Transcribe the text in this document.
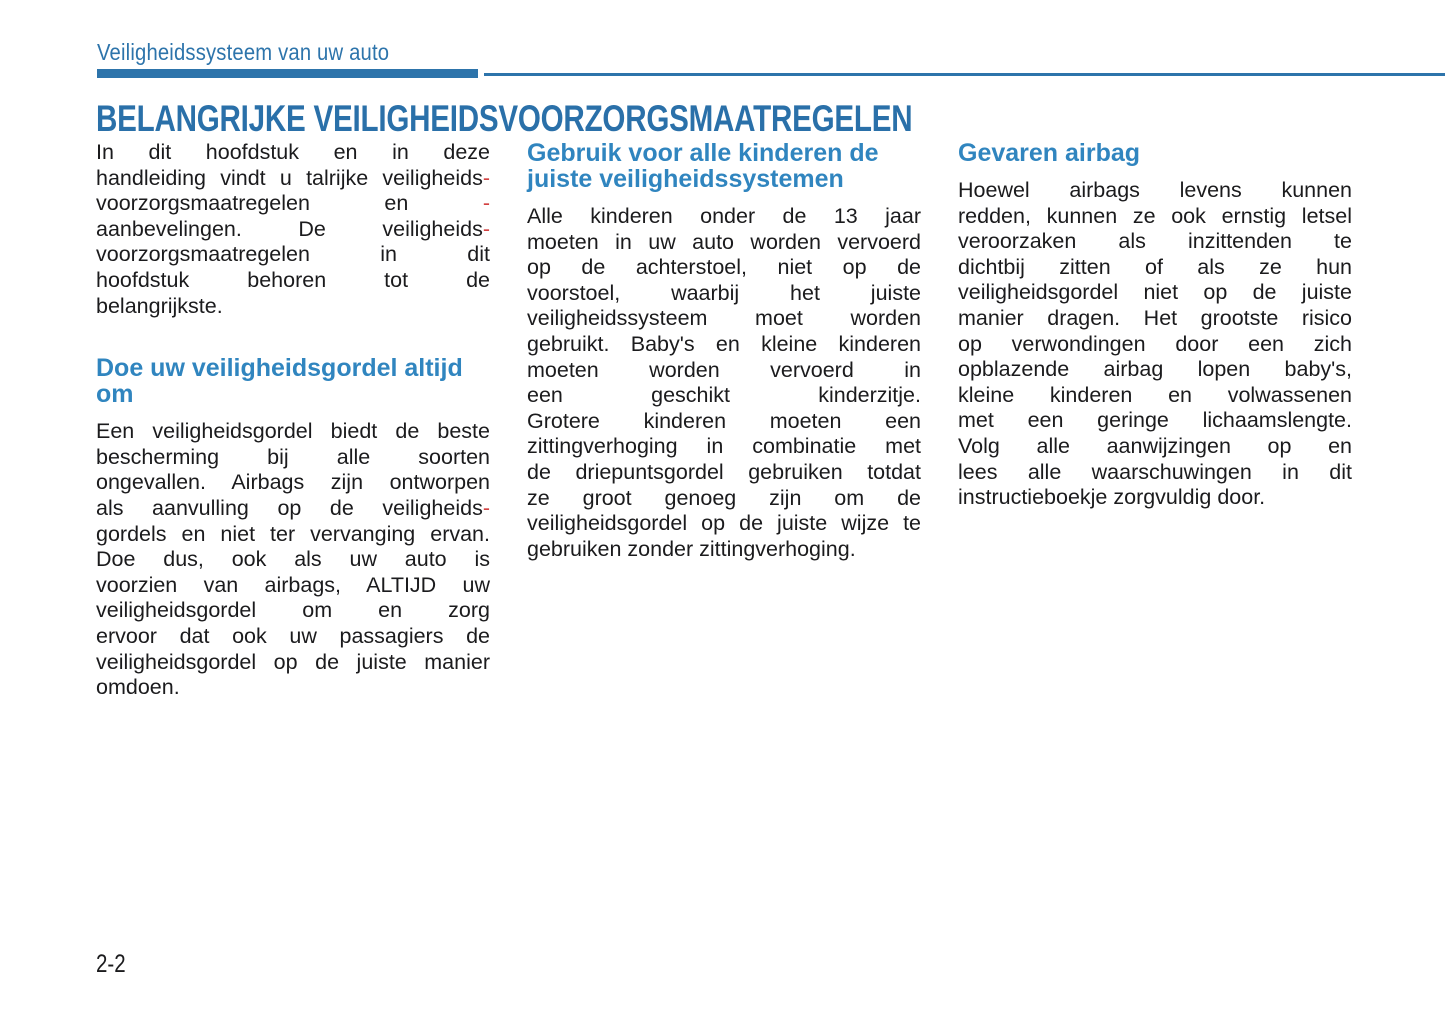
Veiligheidssysteem van uw auto
BELANGRIJKE VEILIGHEIDSVOORZORGSMAATREGELEN
In dit hoofdstuk en in deze
handleiding vindt u talrijke veiligheids-
voorzorgsmaatregelen en -
aanbevelingen. De veiligheids-
voorzorgsmaatregelen in dit
hoofdstuk behoren tot de
belangrijkste.
Doe uw veiligheidsgordel altijd
om
Een veiligheidsgordel biedt de beste
bescherming bij alle soorten
ongevallen. Airbags zijn ontworpen
als aanvulling op de veiligheids-
gordels en niet ter vervanging ervan.
Doe dus, ook als uw auto is
voorzien van airbags, ALTIJD uw
veiligheidsgordel om en zorg
ervoor dat ook uw passagiers de
veiligheidsgordel op de juiste manier
omdoen.
Gebruik voor alle kinderen de
juiste veiligheidssystemen
Alle kinderen onder de 13 jaar
moeten in uw auto worden vervoerd
op de achterstoel, niet op de
voorstoel, waarbij het juiste
veiligheidssysteem moet worden
gebruikt. Baby's en kleine kinderen
moeten worden vervoerd in
een geschikt kinderzitje.
Grotere kinderen moeten een
zittingverhoging in combinatie met
de driepuntsgordel gebruiken totdat
ze groot genoeg zijn om de
veiligheidsgordel op de juiste wijze te
gebruiken zonder zittingverhoging.
Gevaren airbag
Hoewel airbags levens kunnen
redden, kunnen ze ook ernstig letsel
veroorzaken als inzittenden te
dichtbij zitten of als ze hun
veiligheidsgordel niet op de juiste
manier dragen. Het grootste risico
op verwondingen door een zich
opblazende airbag lopen baby's,
kleine kinderen en volwassenen
met een geringe lichaamslengte.
Volg alle aanwijzingen op en
lees alle waarschuwingen in dit
instructieboekje zorgvuldig door.
2-2
